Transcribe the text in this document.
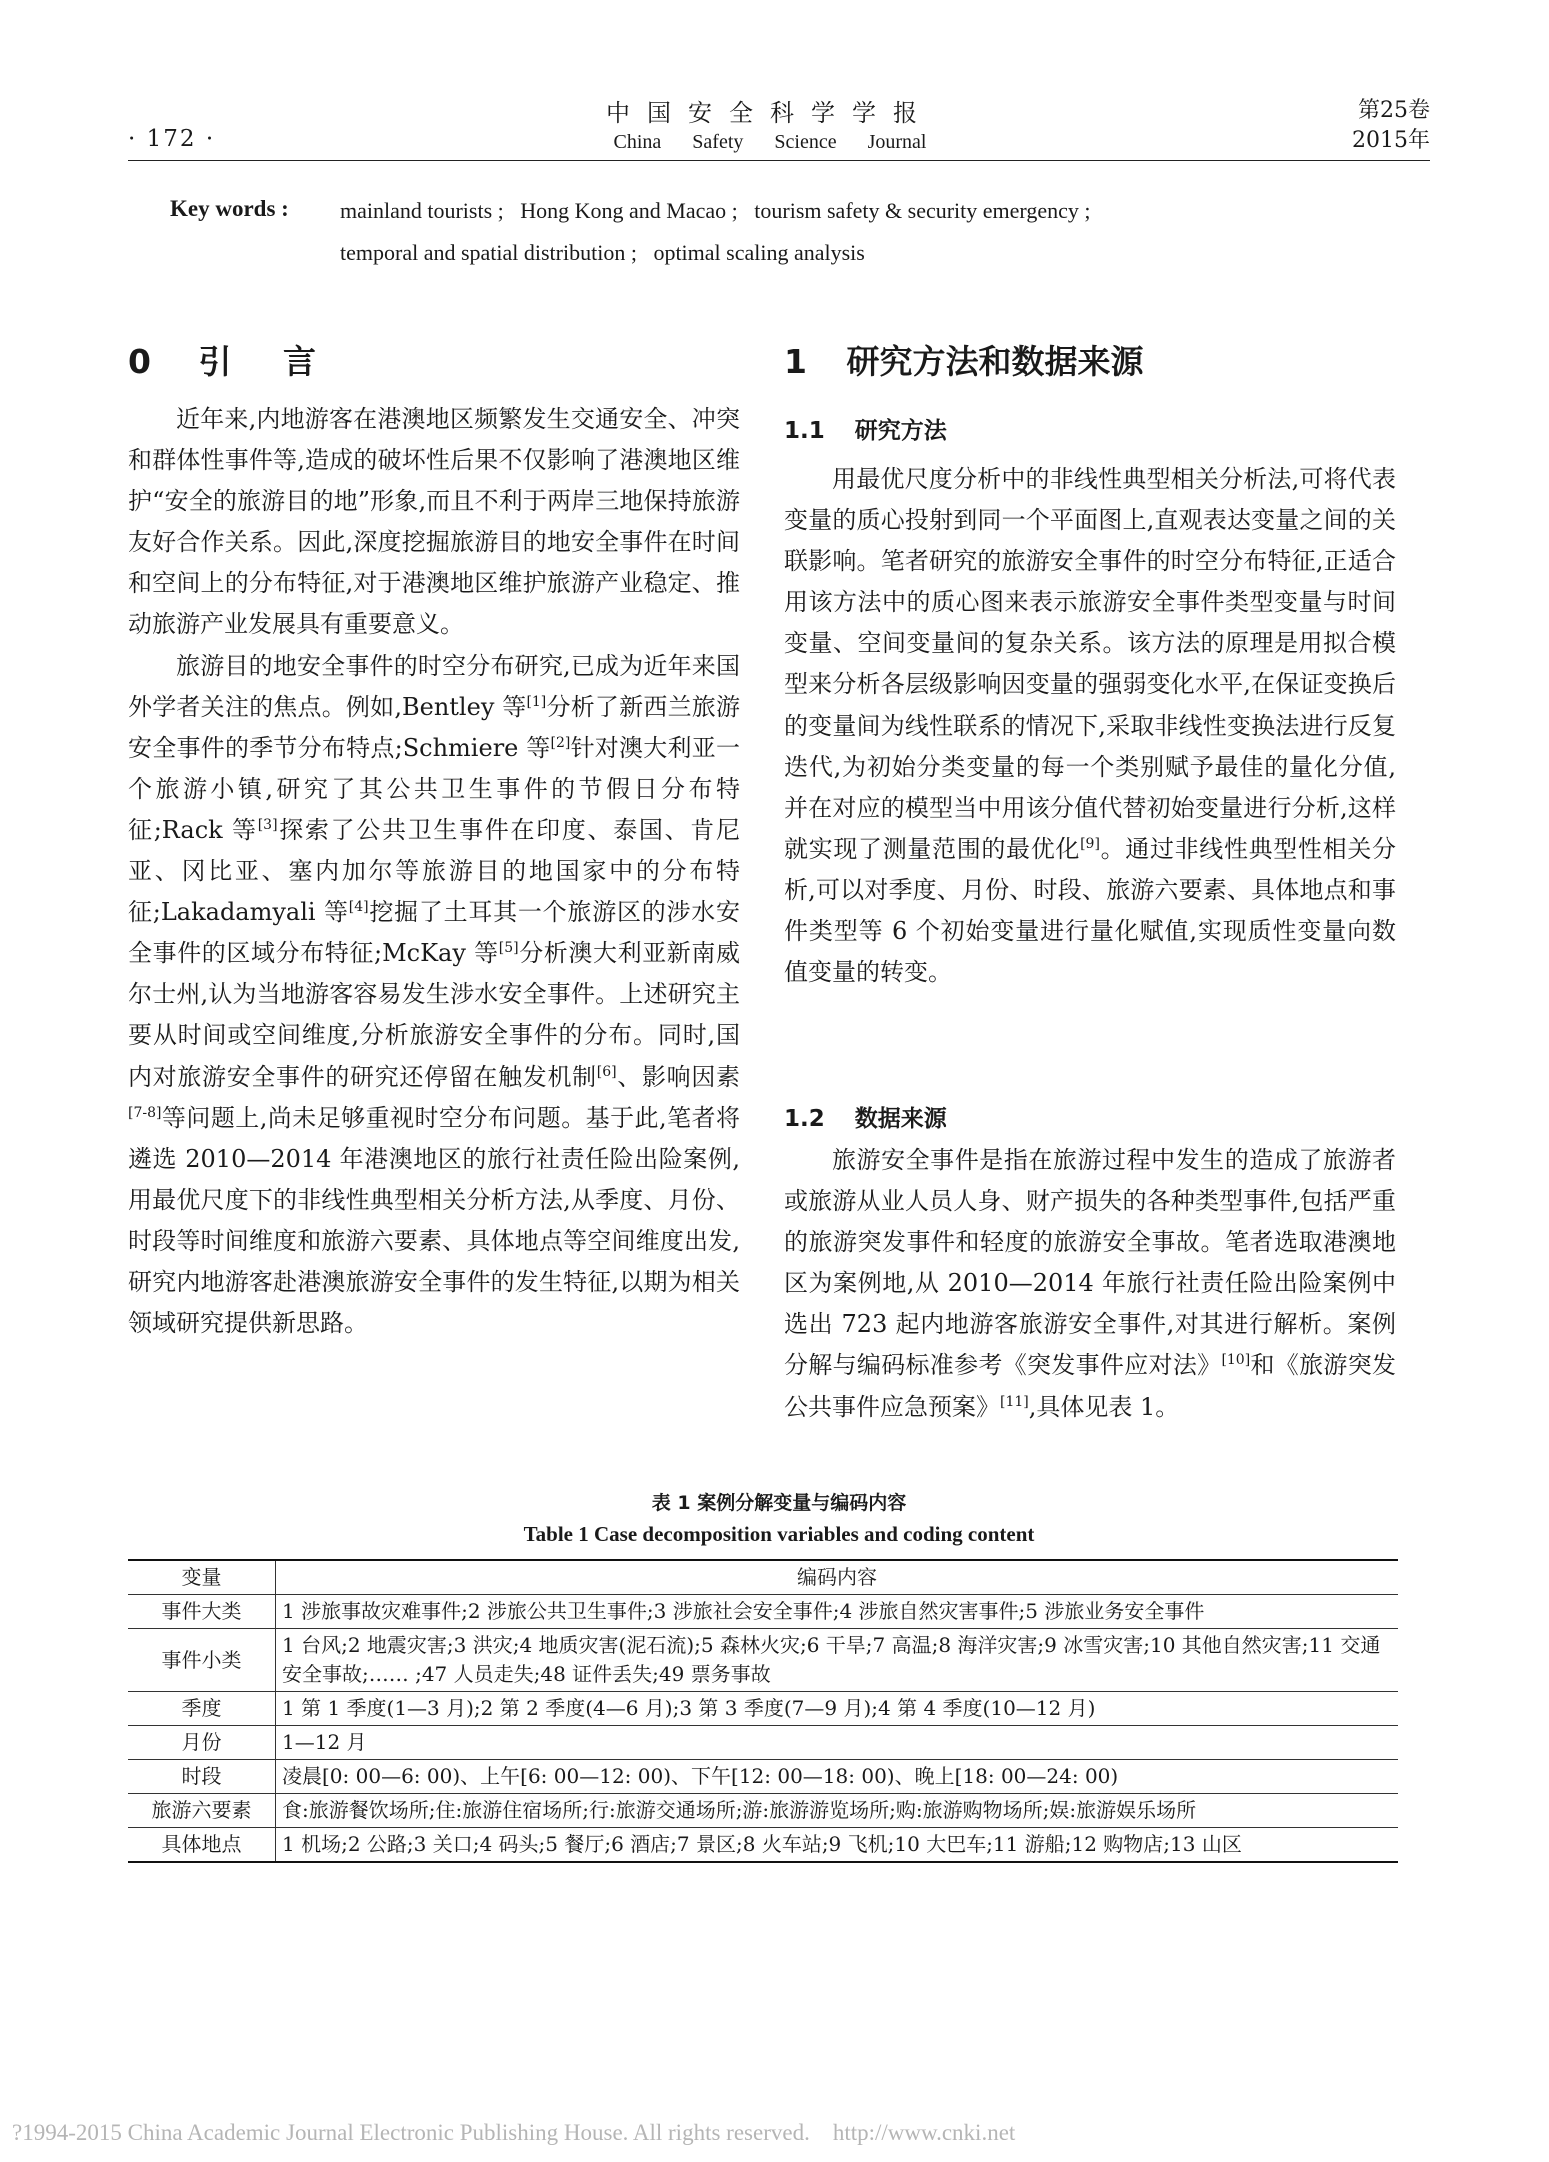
· 172 ·
中国安全科学学报
China Safety Science Journal
第25卷
2015年
Key words : mainland tourists ;   Hong Kong and Macao ;   tourism safety & security emergency ;
temporal and spatial distribution ;   optimal scaling analysis
0 引 言

近年来,内地游客在港澳地区频繁发生交通安全、冲突和群体性事件等,造成的破坏性后果不仅影响了港澳地区维护“安全的旅游目的地”形象,而且不利于两岸三地保持旅游友好合作关系。因此,深度挖掘旅游目的地安全事件在时间和空间上的分布特征,对于港澳地区维护旅游产业稳定、推动旅游产业发展具有重要意义。

旅游目的地安全事件的时空分布研究,已成为近年来国外学者关注的焦点。例如,Bentley 等[1]分析了新西兰旅游安全事件的季节分布特点;Schmiere 等[2]针对澳大利亚一个旅游小镇,研究了其公共卫生事件的节假日分布特征;Rack 等[3]探索了公共卫生事件在印度、泰国、肯尼亚、冈比亚、塞内加尔等旅游目的地国家中的分布特征;Lakadamyali 等[4]挖掘了土耳其一个旅游区的涉水安全事件的区域分布特征;McKay 等[5]分析澳大利亚新南威尔士州,认为当地游客容易发生涉水安全事件。上述研究主要从时间或空间维度,分析旅游安全事件的分布。同时,国内对旅游安全事件的研究还停留在触发机制[6]、影响因素[7-8]等问题上,尚未足够重视时空分布问题。基于此,笔者将遴选 2010—2014 年港澳地区的旅行社责任险出险案例,用最优尺度下的非线性典型相关分析方法,从季度、月份、时段等时间维度和旅游六要素、具体地点等空间维度出发,研究内地游客赴港澳旅游安全事件的发生特征,以期为相关领域研究提供新思路。

1 研究方法和数据来源
1.1 研究方法

用最优尺度分析中的非线性典型相关分析法,可将代表变量的质心投射到同一个平面图上,直观表达变量之间的关联影响。笔者研究的旅游安全事件的时空分布特征,正适合用该方法中的质心图来表示旅游安全事件类型变量与时间变量、空间变量间的复杂关系。该方法的原理是用拟合模型来分析各层级影响因变量的强弱变化水平,在保证变换后的变量间为线性联系的情况下,采取非线性变换法进行反复迭代,为初始分类变量的每一个类别赋予最佳的量化分值,并在对应的模型当中用该分值代替初始变量进行分析,这样就实现了测量范围的最优化[9]。通过非线性典型性相关分析,可以对季度、月份、时段、旅游六要素、具体地点和事件类型等 6 个初始变量进行量化赋值,实现质性变量向数值变量的转变。

1.2 数据来源

旅游安全事件是指在旅游过程中发生的造成了旅游者或旅游从业人员人身、财产损失的各种类型事件,包括严重的旅游突发事件和轻度的旅游安全事故。笔者选取港澳地区为案例地,从 2010—2014 年旅行社责任险出险案例中选出 723 起内地游客旅游安全事件,对其进行解析。案例分解与编码标准参考《突发事件应对法》[10]和《旅游突发公共事件应急预案》[11],具体见表 1。

表 1 案例分解变量与编码内容
Table 1 Case decomposition variables and coding content
变量	编码内容
事件大类	1 涉旅事故灾难事件;2 涉旅公共卫生事件;3 涉旅社会安全事件;4 涉旅自然灾害事件;5 涉旅业务安全事件
事件小类	1 台风;2 地震灾害;3 洪灾;4 地质灾害(泥石流);5 森林火灾;6 干旱;7 高温;8 海洋灾害;9 冰雪灾害;10 其他自然灾害;11 交通安全事故;…… ;47 人员走失;48 证件丢失;49 票务事故
季度	1 第 1 季度(1—3 月);2 第 2 季度(4—6 月);3 第 3 季度(7—9 月);4 第 4 季度(10—12 月)
月份	1—12 月
时段	凌晨[0: 00—6: 00)、上午[6: 00—12: 00)、下午[12: 00—18: 00)、晚上[18: 00—24: 00)
旅游六要素	食:旅游餐饮场所;住:旅游住宿场所;行:旅游交通场所;游:旅游游览场所;购:旅游购物场所;娱:旅游娱乐场所
具体地点	1 机场;2 公路;3 关口;4 码头;5 餐厅;6 酒店;7 景区;8 火车站;9 飞机;10 大巴车;11 游船;12 购物店;13 山区
?1994-2015 China Academic Journal Electronic Publishing House. All rights reserved.    http://www.cnki.net
